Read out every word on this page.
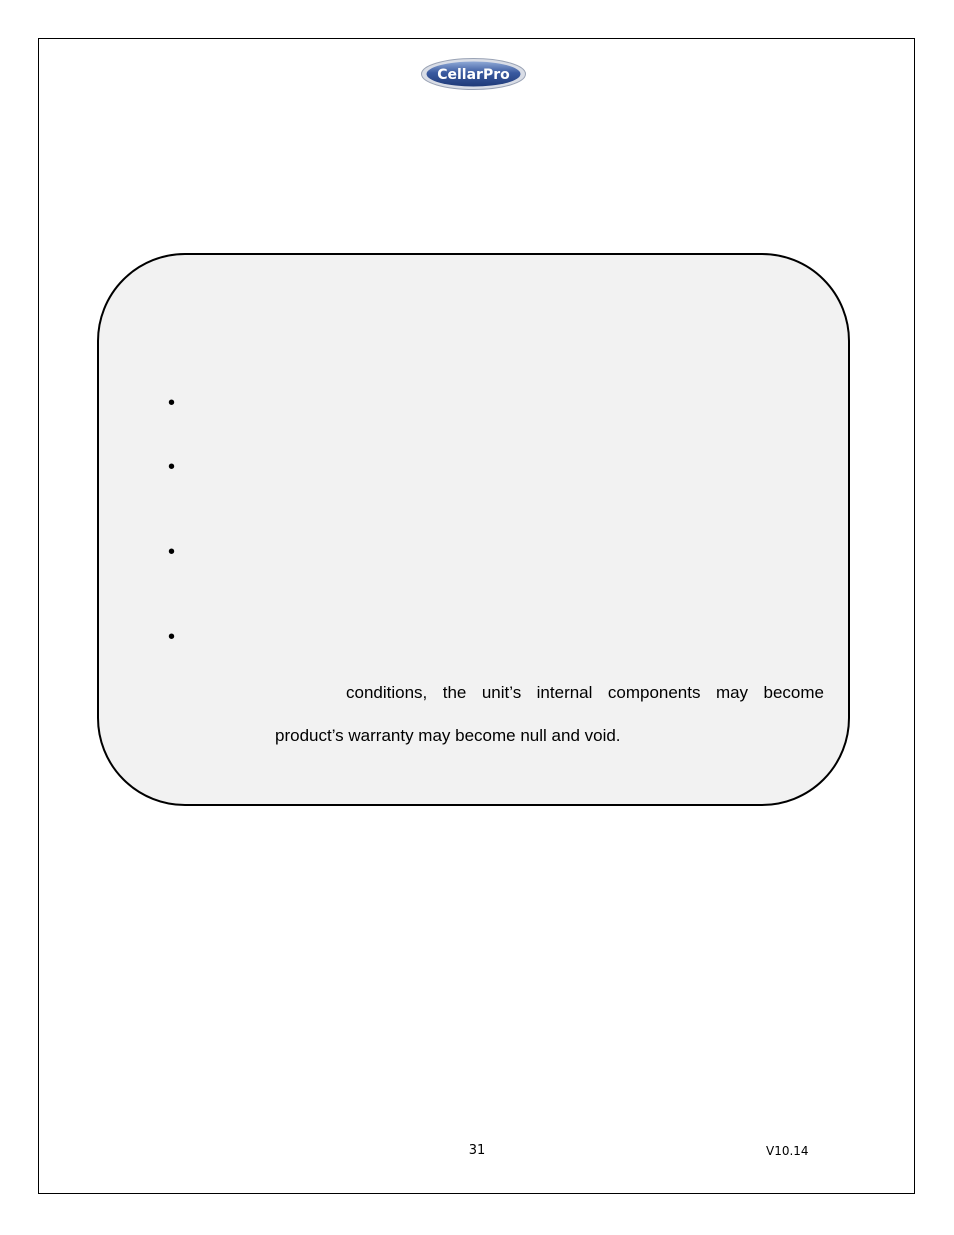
CellarPro
•
•
•
•
conditions, the unit’s internal components may become
product’s warranty may become null and void.
31	V10.14
